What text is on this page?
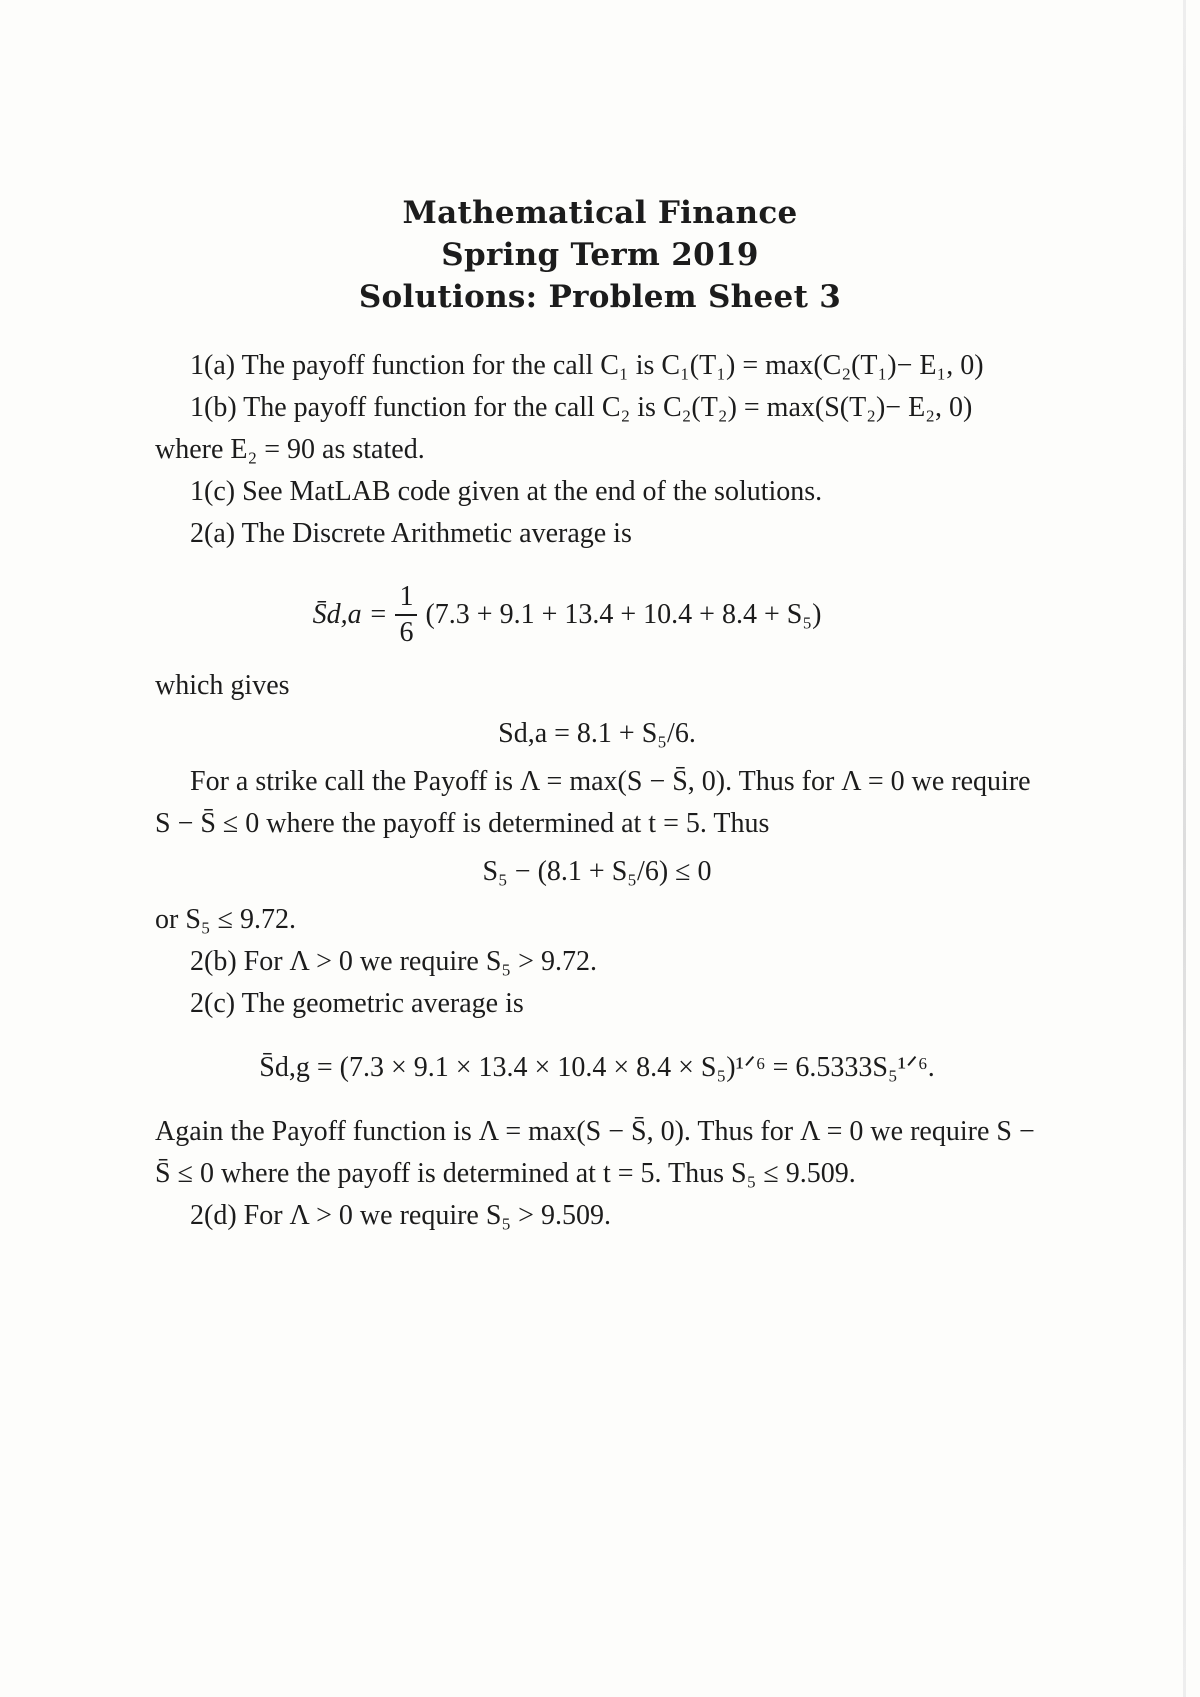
Mathematical Finance
Spring Term 2019
Solutions: Problem Sheet 3

1(a) The payoff function for the call C₁ is C₁(T₁) = max(C₂(T₁)− E₁, 0)

1(b) The payoff function for the call C₂ is C₂(T₂) = max(S(T₂)− E₂, 0) where E₂ = 90 as stated.

1(c) See MatLAB code given at the end of the solutions.

2(a) The Discrete Arithmetic average is

S̄d,a = $\frac{1}{6} (7.3 + 9.1 + 13.4 + 10.4 + 8.4 + S_5)$

which gives

Sd,a = 8.1 + S₅/6.

For a strike call the Payoff is Λ = max(S − S̄, 0). Thus for Λ = 0 we require S − S̄ ≤ 0 where the payoff is determined at t = 5. Thus

S₅ − (8.1 + S₅/6) ≤ 0

or S₅ ≤ 9.72.

2(b) For Λ > 0 we require S₅ > 9.72.

2(c) The geometric average is

S̄d,g = (7.3 × 9.1 × 13.4 × 10.4 × 8.4 × S₅)¹ᐟ⁶ = 6.5333S₅¹ᐟ⁶.

Again the Payoff function is Λ = max(S − S̄, 0). Thus for Λ = 0 we require S − S̄ ≤ 0 where the payoff is determined at t = 5. Thus S₅ ≤ 9.509.

2(d) For Λ > 0 we require S₅ > 9.509.
